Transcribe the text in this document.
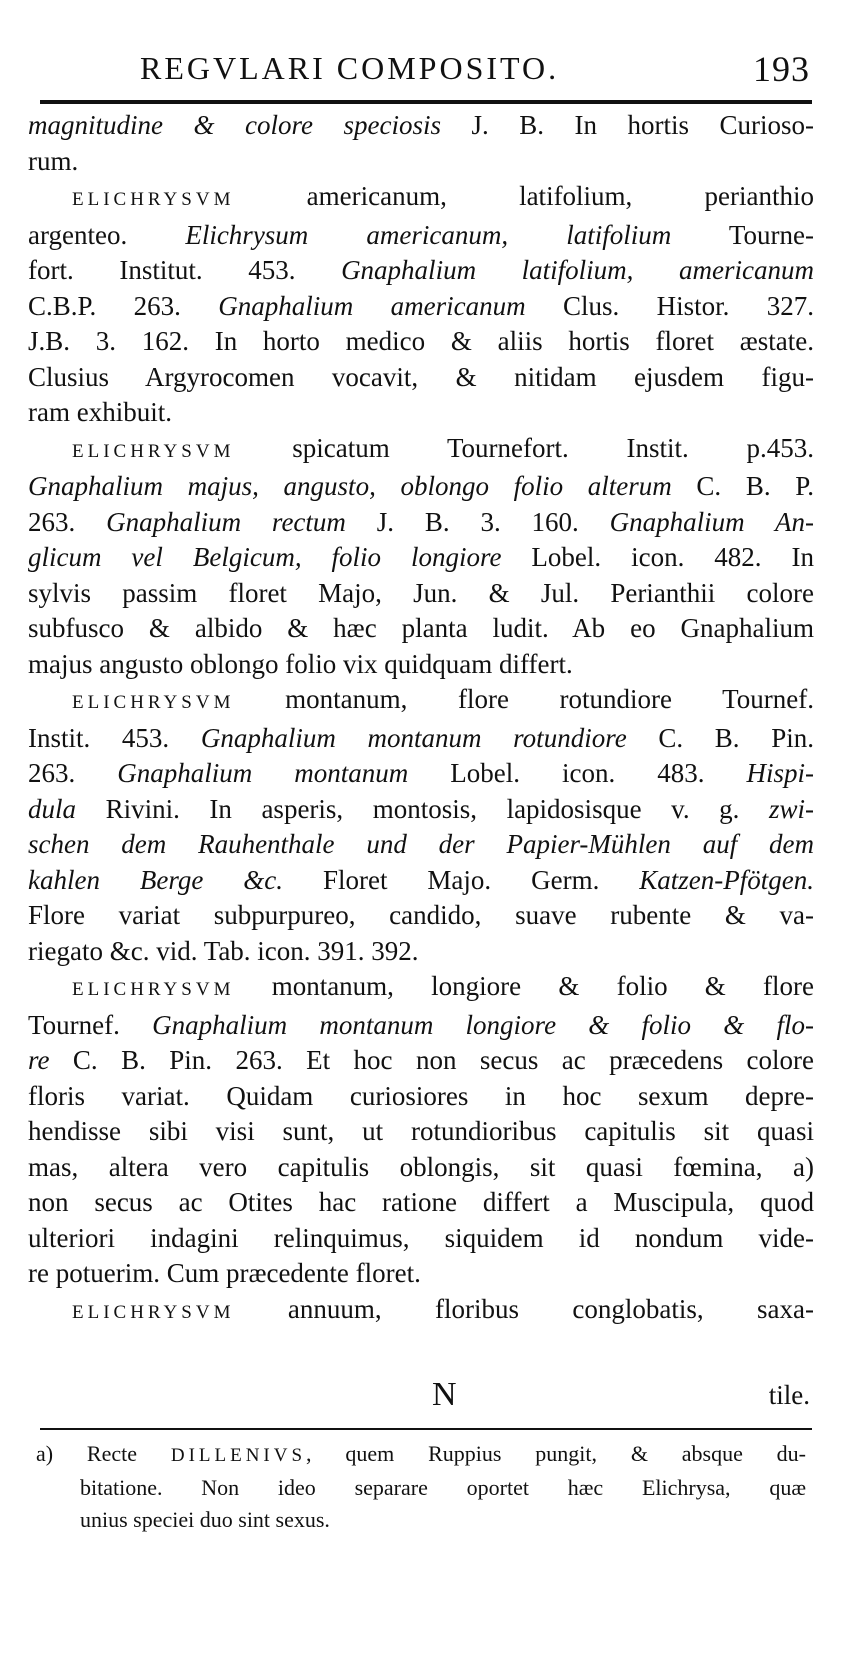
REGVLARI COMPOSITO.	193
magnitudine & colore speciosis J. B. In hortis Curioso-
rum.
ELICHRYSVM americanum, latifolium, perianthio
argenteo. Elichrysum americanum, latifolium Tourne-
fort. Institut. 453. Gnaphalium latifolium, americanum
C.B.P. 263. Gnaphalium americanum Clus. Histor. 327.
J.B. 3. 162. In horto medico & aliis hortis floret æstate.
Clusius Argyrocomen vocavit, & nitidam ejusdem figu-
ram exhibuit.
ELICHRYSVM spicatum Tournefort. Instit. p.453.
Gnaphalium majus, angusto, oblongo folio alterum C. B. P.
263. Gnaphalium rectum J. B. 3. 160. Gnaphalium An-
glicum vel Belgicum, folio longiore Lobel. icon. 482. In
sylvis passim floret Majo, Jun. & Jul. Perianthii colore
subfusco & albido & hæc planta ludit. Ab eo Gnaphalium
majus angusto oblongo folio vix quidquam differt.
ELICHRYSVM montanum, flore rotundiore Tournef.
Instit. 453. Gnaphalium montanum rotundiore C. B. Pin.
263. Gnaphalium montanum Lobel. icon. 483. Hispi-
dula Rivini. In asperis, montosis, lapidosisque v. g. zwi-
schen dem Rauhenthale und der Papier-Mühlen auf dem
kahlen Berge &c. Floret Majo. Germ. Katzen-Pfötgen.
Flore variat subpurpureo, candido, suave rubente & va-
riegato &c. vid. Tab. icon. 391. 392.
ELICHRYSVM montanum, longiore & folio & flore
Tournef. Gnaphalium montanum longiore & folio & flo-
re C. B. Pin. 263. Et hoc non secus ac præcedens colore
floris variat. Quidam curiosiores in hoc sexum depre-
hendisse sibi visi sunt, ut rotundioribus capitulis sit quasi
mas, altera vero capitulis oblongis, sit quasi fœmina, a)
non secus ac Otites hac ratione differt a Muscipula, quod
ulteriori indagini relinquimus, siquidem id nondum vide-
re potuerim. Cum præcedente floret.
ELICHRYSVM annuum, floribus conglobatis, saxa-
N	tile.
a) Recte DILLENIVS, quem Ruppius pungit, & absque du-
bitatione. Non ideo separare oportet hæc Elichrysa, quæ
unius speciei duo sint sexus.
